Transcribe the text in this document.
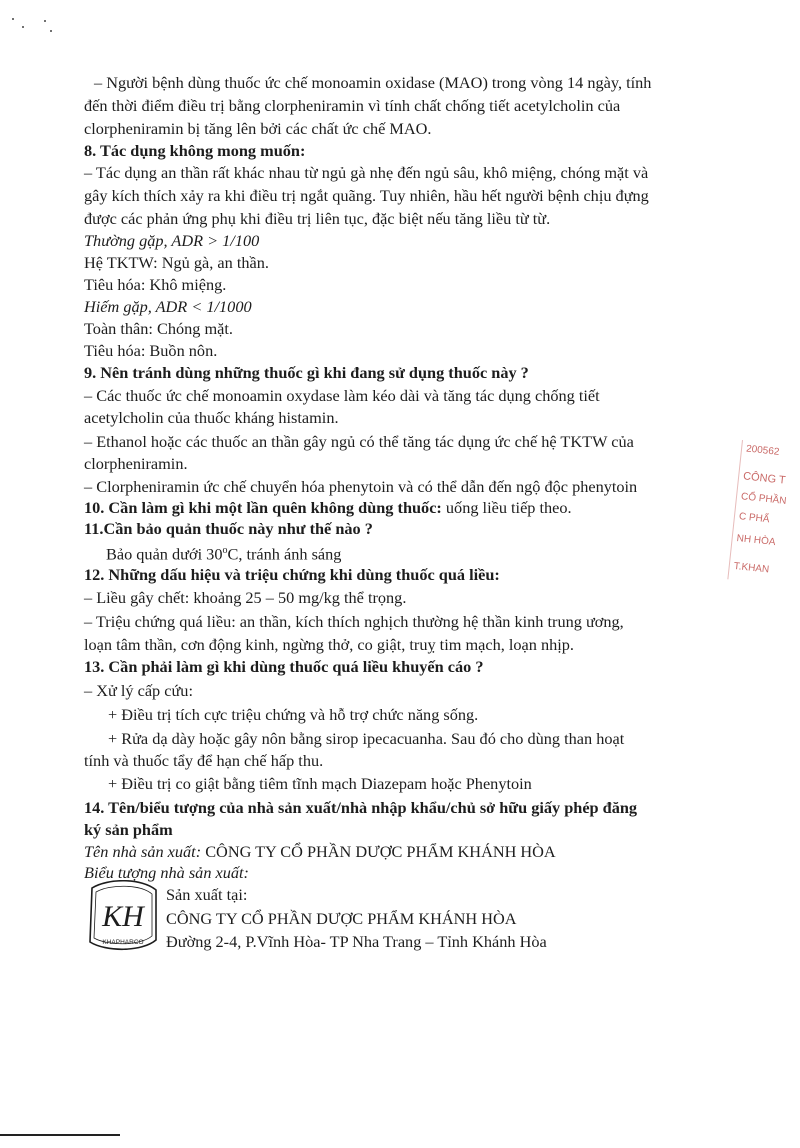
– Người bệnh dùng thuốc ức chế monoamin oxidase (MAO) trong vòng 14 ngày, tính
đến thời điểm điều trị bằng clorpheniramin vì tính chất chống tiết acetylcholin của
clorpheniramin bị tăng lên bởi các chất ức chế MAO.
8. Tác dụng không mong muốn:
– Tác dụng an thần rất khác nhau từ ngủ gà nhẹ đến ngủ sâu, khô miệng, chóng mặt và
gây kích thích xảy ra khi điều trị ngắt quãng. Tuy nhiên, hầu hết người bệnh chịu đựng
được các phản ứng phụ khi điều trị liên tục, đặc biệt nếu tăng liều từ từ.
Thường gặp, ADR > 1/100
Hệ TKTW: Ngủ gà, an thần.
Tiêu hóa: Khô miệng.
Hiếm gặp, ADR < 1/1000
Toàn thân: Chóng mặt.
Tiêu hóa: Buồn nôn.
9. Nên tránh dùng những thuốc gì khi đang sử dụng thuốc này ?
– Các thuốc ức chế monoamin oxydase làm kéo dài và tăng tác dụng chống tiết
acetylcholin của thuốc kháng histamin.
– Ethanol hoặc các thuốc an thần gây ngủ có thể tăng tác dụng ức chế hệ TKTW của
clorpheniramin.
– Clorpheniramin ức chế chuyển hóa phenytoin và có thể dẫn đến ngộ độc phenytoin
10. Cần làm gì khi một lần quên không dùng thuốc: uống liều tiếp theo.
11.Cần bảo quản thuốc này như thế nào ?
Bảo quản dưới 30$^o$C, tránh ánh sáng
12. Những dấu hiệu và triệu chứng khi dùng thuốc quá liều:
– Liều gây chết: khoảng 25 – 50 mg/kg thể trọng.
– Triệu chứng quá liều: an thần, kích thích nghịch thường hệ thần kinh trung ương,
loạn tâm thần, cơn động kinh, ngừng thở, co giật, truỵ tim mạch, loạn nhịp.
13. Cần phải làm gì khi dùng thuốc quá liều khuyến cáo ?
– Xử lý cấp cứu:
+ Điều trị tích cực triệu chứng và hỗ trợ chức năng sống.
+ Rửa dạ dày hoặc gây nôn bằng sirop ipecacuanha. Sau đó cho dùng than hoạt
tính và thuốc tẩy để hạn chế hấp thu.
+ Điều trị co giật bằng tiêm tĩnh mạch Diazepam hoặc Phenytoin
14. Tên/biểu tượng của nhà sản xuất/nhà nhập khẩu/chủ sở hữu giấy phép đăng
ký sản phẩm
Tên nhà sản xuất: CÔNG TY CỔ PHẦN DƯỢC PHẨM KHÁNH HÒA
Biểu tượng nhà sản xuất:
KH
KHAPHARCO
Sản xuất tại:
CÔNG TY CỔ PHẦN DƯỢC PHẨM KHÁNH HÒA
Đường 2-4, P.Vĩnh Hòa- TP Nha Trang – Tỉnh Khánh Hòa
200562
CÔNG T
CỔ PHẦN
C PHẨ
NH HÒA
T.KHAN
